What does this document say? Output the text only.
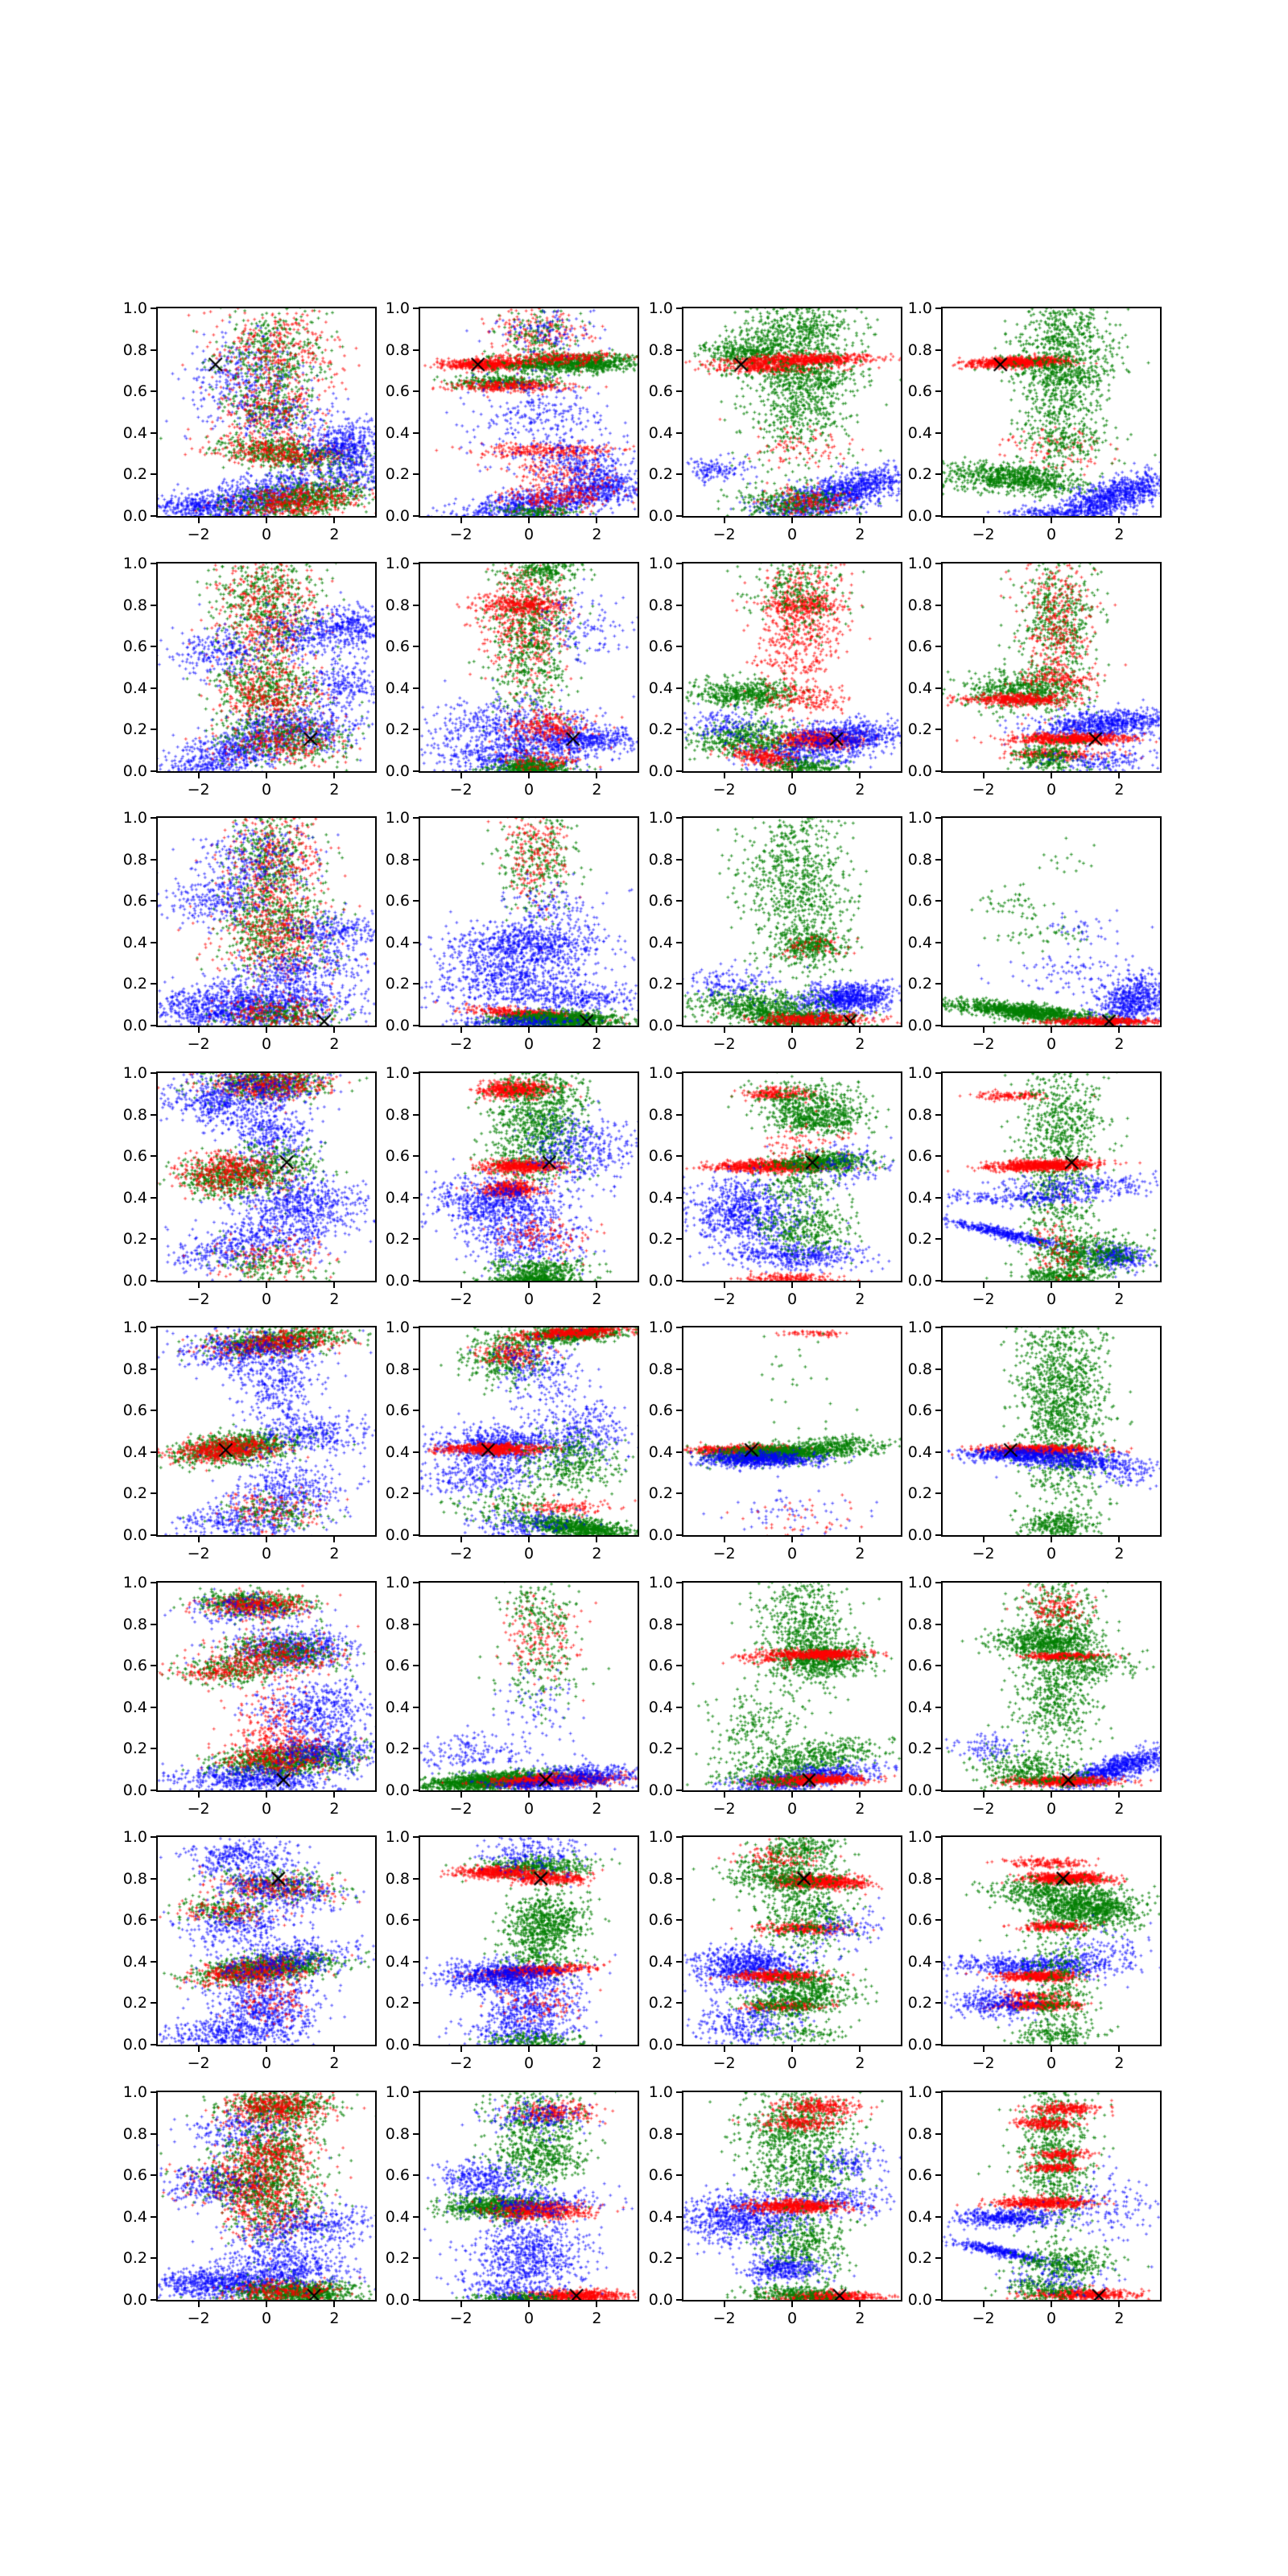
0.0
0.2
0.4
0.6
0.8
1.0
−2	0	2
0.0
0.2
0.4
0.6
0.8
1.0
−2	0	2
0.0
0.2
0.4
0.6
0.8
1.0
−2	0	2
0.0
0.2
0.4
0.6
0.8
1.0
−2	0	2
0.0
0.2
0.4
0.6
0.8
1.0
−2	0	2
0.0
0.2
0.4
0.6
0.8
1.0
−2	0	2
0.0
0.2
0.4
0.6
0.8
1.0
−2	0	2
0.0
0.2
0.4
0.6
0.8
1.0
−2	0	2
0.0
0.2
0.4
0.6
0.8
1.0
−2	0	2
0.0
0.2
0.4
0.6
0.8
1.0
−2	0	2
0.0
0.2
0.4
0.6
0.8
1.0
−2	0	2
0.0
0.2
0.4
0.6
0.8
1.0
−2	0	2
0.0
0.2
0.4
0.6
0.8
1.0
−2	0	2
0.0
0.2
0.4
0.6
0.8
1.0
−2	0	2
0.0
0.2
0.4
0.6
0.8
1.0
−2	0	2
0.0
0.2
0.4
0.6
0.8
1.0
−2	0	2
0.0
0.2
0.4
0.6
0.8
1.0
−2	0	2
0.0
0.2
0.4
0.6
0.8
1.0
−2	0	2
0.0
0.2
0.4
0.6
0.8
1.0
−2	0	2
0.0
0.2
0.4
0.6
0.8
1.0
−2	0	2
0.0
0.2
0.4
0.6
0.8
1.0
−2	0	2
0.0
0.2
0.4
0.6
0.8
1.0
−2	0	2
0.0
0.2
0.4
0.6
0.8
1.0
−2	0	2
0.0
0.2
0.4
0.6
0.8
1.0
−2	0	2
0.0
0.2
0.4
0.6
0.8
1.0
−2	0	2
0.0
0.2
0.4
0.6
0.8
1.0
−2	0	2
0.0
0.2
0.4
0.6
0.8
1.0
−2	0	2
0.0
0.2
0.4
0.6
0.8
1.0
−2	0	2
0.0
0.2
0.4
0.6
0.8
1.0
−2	0	2
0.0
0.2
0.4
0.6
0.8
1.0
−2	0	2
0.0
0.2
0.4
0.6
0.8
1.0
−2	0	2
0.0
0.2
0.4
0.6
0.8
1.0
−2	0	2
